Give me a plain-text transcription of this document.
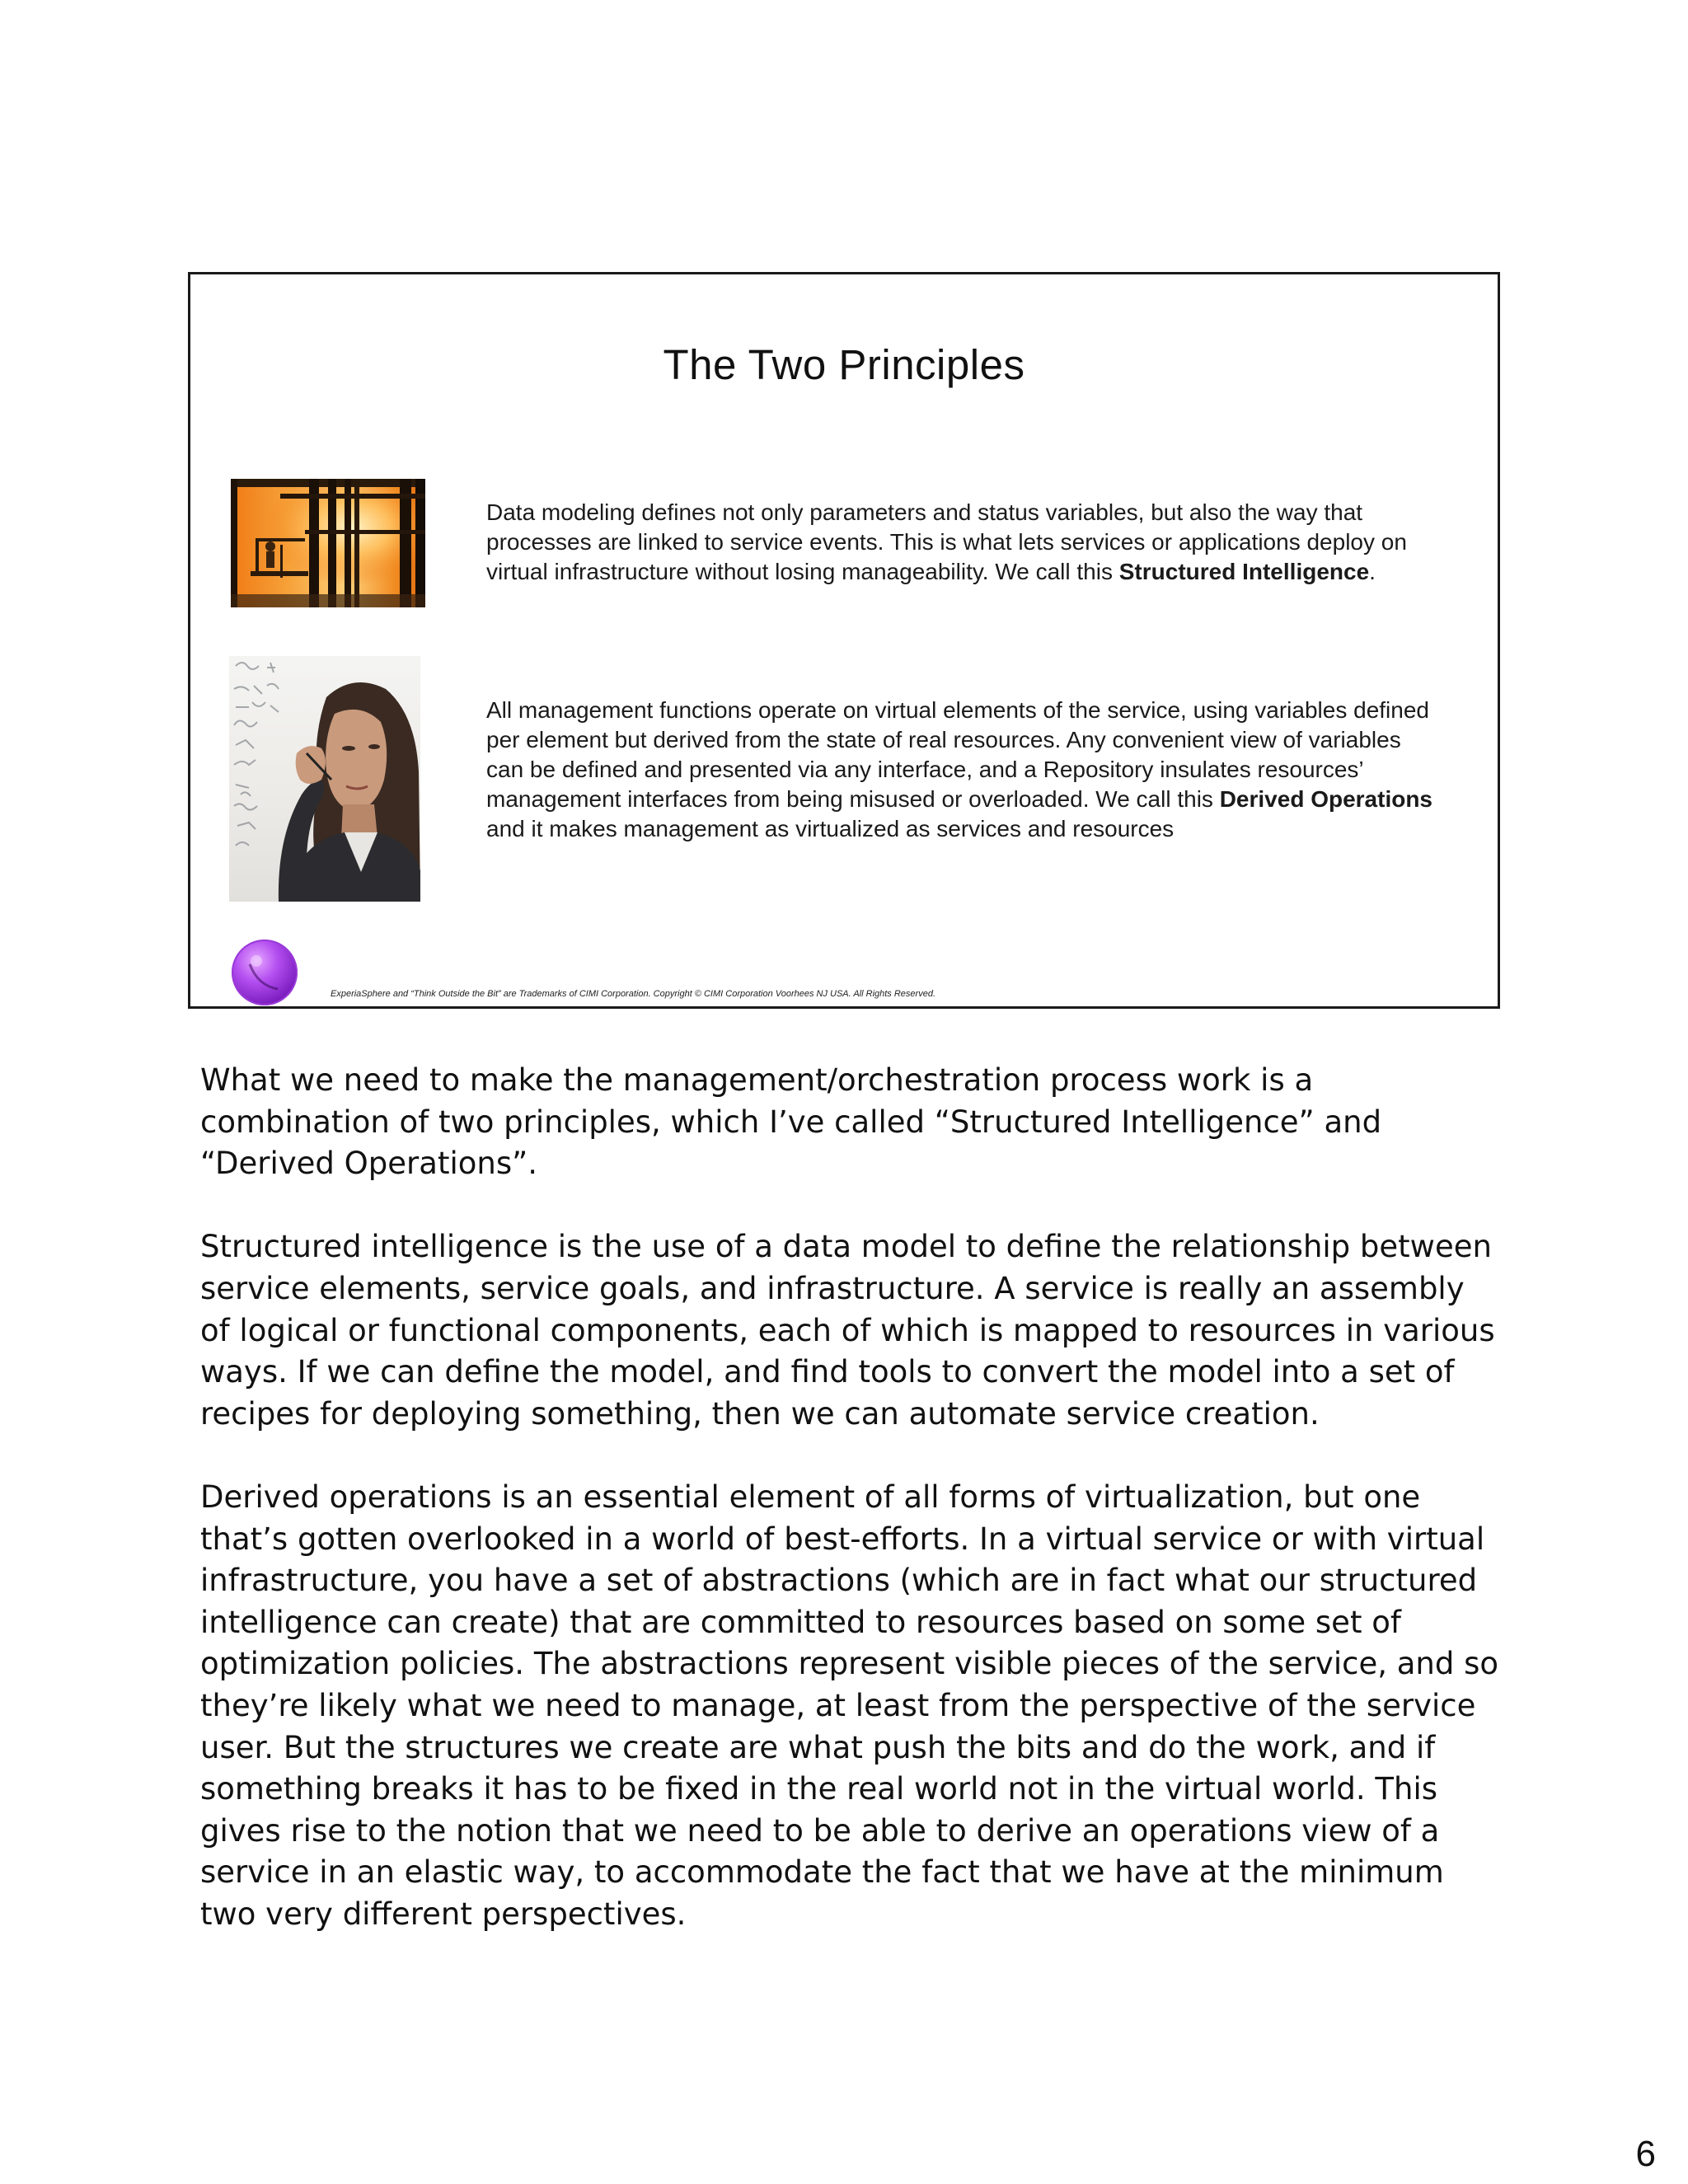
The Two Principles
Data modeling defines not only parameters and status variables, but also the way that processes are linked to service events. This is what lets services or applications deploy on virtual infrastructure without losing manageability. We call this Structured Intelligence.
All management functions operate on virtual elements of the service, using variables defined per element but derived from the state of real resources. Any convenient view of variables can be defined and presented via any interface, and a Repository insulates resources’ management interfaces from being misused or overloaded. We call this Derived Operations and it makes management as virtualized as services and resources
ExperiaSphere and “Think Outside the Bit” are Trademarks of CIMI Corporation. Copyright © CIMI Corporation Voorhees NJ USA. All Rights Reserved.

What we need to make the management/orchestration process work is a combination of two principles, which I’ve called “Structured Intelligence” and “Derived Operations”.

Structured intelligence is the use of a data model to define the relationship between service elements, service goals, and infrastructure. A service is really an assembly of logical or functional components, each of which is mapped to resources in various ways. If we can define the model, and find tools to convert the model into a set of recipes for deploying something, then we can automate service creation.

Derived operations is an essential element of all forms of virtualization, but one that’s gotten overlooked in a world of best-efforts. In a virtual service or with virtual infrastructure, you have a set of abstractions (which are in fact what our structured intelligence can create) that are committed to resources based on some set of optimization policies. The abstractions represent visible pieces of the service, and so they’re likely what we need to manage, at least from the perspective of the service user. But the structures we create are what push the bits and do the work, and if something breaks it has to be fixed in the real world not in the virtual world. This gives rise to the notion that we need to be able to derive an operations view of a service in an elastic way, to accommodate the fact that we have at the minimum two very different perspectives.

6
